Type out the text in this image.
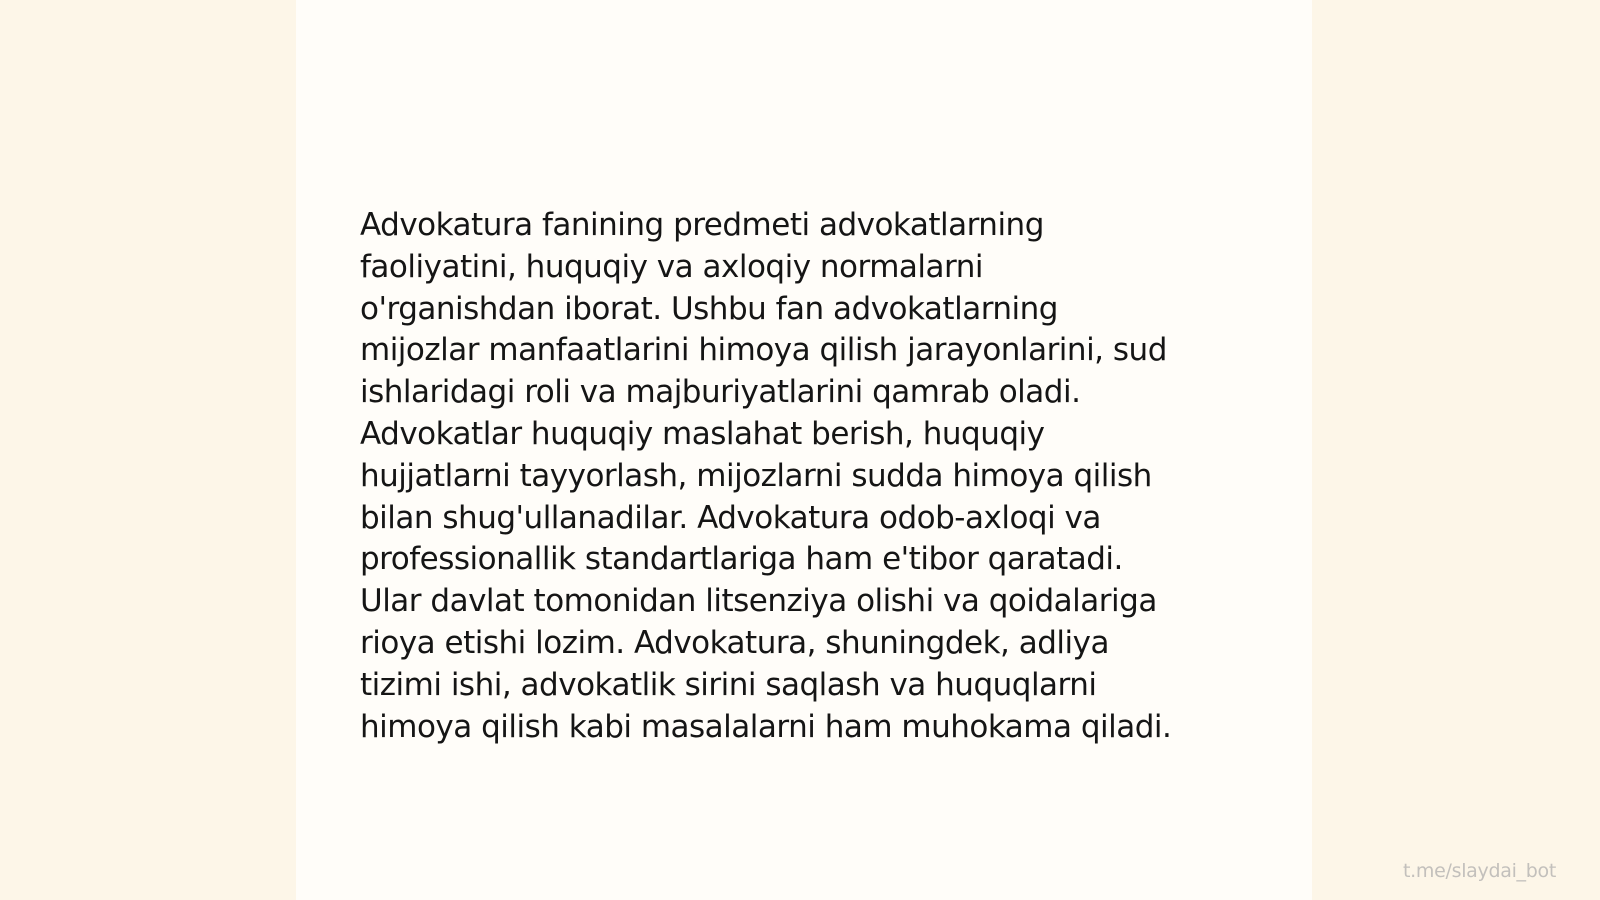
Advokatura fanining predmeti advokatlarning
faoliyatini, huquqiy va axloqiy normalarni
o'rganishdan iborat. Ushbu fan advokatlarning
mijozlar manfaatlarini himoya qilish jarayonlarini, sud
ishlaridagi roli va majburiyatlarini qamrab oladi.
Advokatlar huquqiy maslahat berish, huquqiy
hujjatlarni tayyorlash, mijozlarni sudda himoya qilish
bilan shug'ullanadilar. Advokatura odob-axloqi va
professionallik standartlariga ham e'tibor qaratadi.
Ular davlat tomonidan litsenziya olishi va qoidalariga
rioya etishi lozim. Advokatura, shuningdek, adliya
tizimi ishi, advokatlik sirini saqlash va huquqlarni
himoya qilish kabi masalalarni ham muhokama qiladi.

t.me/slaydai_bot
